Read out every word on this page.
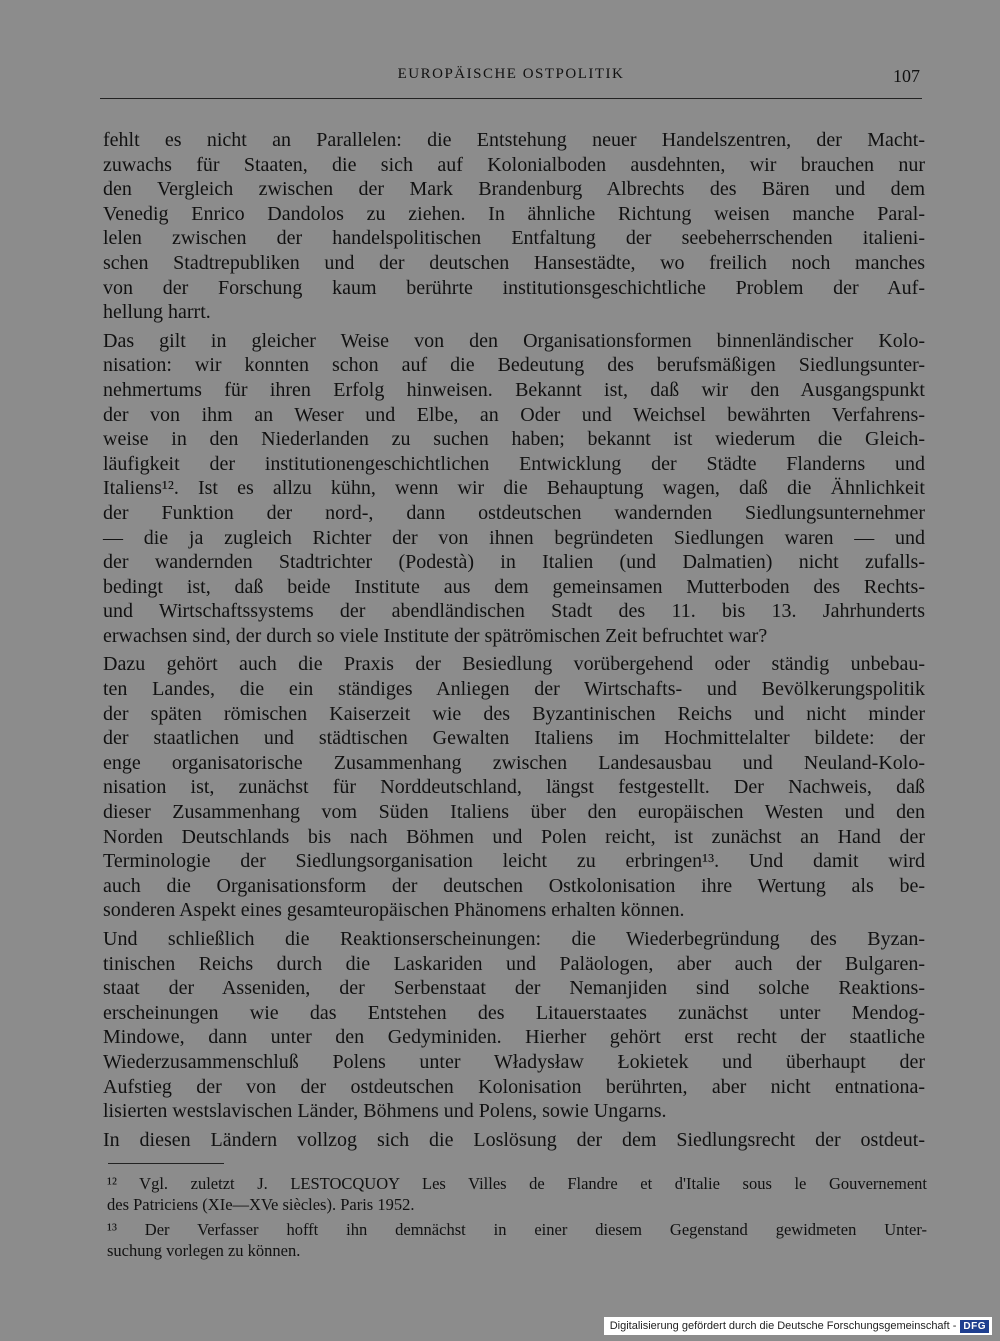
EUROPÄISCHE OSTPOLITIK	107
fehlt es nicht an Parallelen: die Entstehung neuer Handelszentren, der Macht-
zuwachs für Staaten, die sich auf Kolonialboden ausdehnten, wir brauchen nur
den Vergleich zwischen der Mark Brandenburg Albrechts des Bären und dem
Venedig Enrico Dandolos zu ziehen. In ähnliche Richtung weisen manche Paral-
lelen zwischen der handelspolitischen Entfaltung der seebeherrschenden italieni-
schen Stadtrepubliken und der deutschen Hansestädte, wo freilich noch manches
von der Forschung kaum berührte institutionsgeschichtliche Problem der Auf-
hellung harrt.
Das gilt in gleicher Weise von den Organisationsformen binnenländischer Kolo-
nisation: wir konnten schon auf die Bedeutung des berufsmäßigen Siedlungsunter-
nehmertums für ihren Erfolg hinweisen. Bekannt ist, daß wir den Ausgangspunkt
der von ihm an Weser und Elbe, an Oder und Weichsel bewährten Verfahrens-
weise in den Niederlanden zu suchen haben; bekannt ist wiederum die Gleich-
läufigkeit der institutionengeschichtlichen Entwicklung der Städte Flanderns und
Italiens¹². Ist es allzu kühn, wenn wir die Behauptung wagen, daß die Ähnlichkeit
der Funktion der nord-, dann ostdeutschen wandernden Siedlungsunternehmer
— die ja zugleich Richter der von ihnen begründeten Siedlungen waren — und
der wandernden Stadtrichter (Podestà) in Italien (und Dalmatien) nicht zufalls-
bedingt ist, daß beide Institute aus dem gemeinsamen Mutterboden des Rechts-
und Wirtschaftssystems der abendländischen Stadt des 11. bis 13. Jahrhunderts
erwachsen sind, der durch so viele Institute der spätrömischen Zeit befruchtet war?
Dazu gehört auch die Praxis der Besiedlung vorübergehend oder ständig unbebau-
ten Landes, die ein ständiges Anliegen der Wirtschafts- und Bevölkerungspolitik
der späten römischen Kaiserzeit wie des Byzantinischen Reichs und nicht minder
der staatlichen und städtischen Gewalten Italiens im Hochmittelalter bildete: der
enge organisatorische Zusammenhang zwischen Landesausbau und Neuland-Kolo-
nisation ist, zunächst für Norddeutschland, längst festgestellt. Der Nachweis, daß
dieser Zusammenhang vom Süden Italiens über den europäischen Westen und den
Norden Deutschlands bis nach Böhmen und Polen reicht, ist zunächst an Hand der
Terminologie der Siedlungsorganisation leicht zu erbringen¹³. Und damit wird
auch die Organisationsform der deutschen Ostkolonisation ihre Wertung als be-
sonderen Aspekt eines gesamteuropäischen Phänomens erhalten können.
Und schließlich die Reaktionserscheinungen: die Wiederbegründung des Byzan-
tinischen Reichs durch die Laskariden und Paläologen, aber auch der Bulgaren-
staat der Asseniden, der Serbenstaat der Nemanjiden sind solche Reaktions-
erscheinungen wie das Entstehen des Litauerstaates zunächst unter Mendog-
Mindowe, dann unter den Gedyminiden. Hierher gehört erst recht der staatliche
Wiederzusammenschluß Polens unter Władysław Łokietek und überhaupt der
Aufstieg der von der ostdeutschen Kolonisation berührten, aber nicht entnationa-
lisierten westslavischen Länder, Böhmens und Polens, sowie Ungarns.
In diesen Ländern vollzog sich die Loslösung der dem Siedlungsrecht der ostdeut-
¹² Vgl. zuletzt J. LESTOCQUOY Les Villes de Flandre et d'Italie sous le Gouvernement
des Patriciens (XIe—XVe siècles). Paris 1952.
¹³ Der Verfasser hofft ihn demnächst in einer diesem Gegenstand gewidmeten Unter-
suchung vorlegen zu können.
Digitalisierung gefördert durch die Deutsche Forschungsgemeinschaft - DFG
